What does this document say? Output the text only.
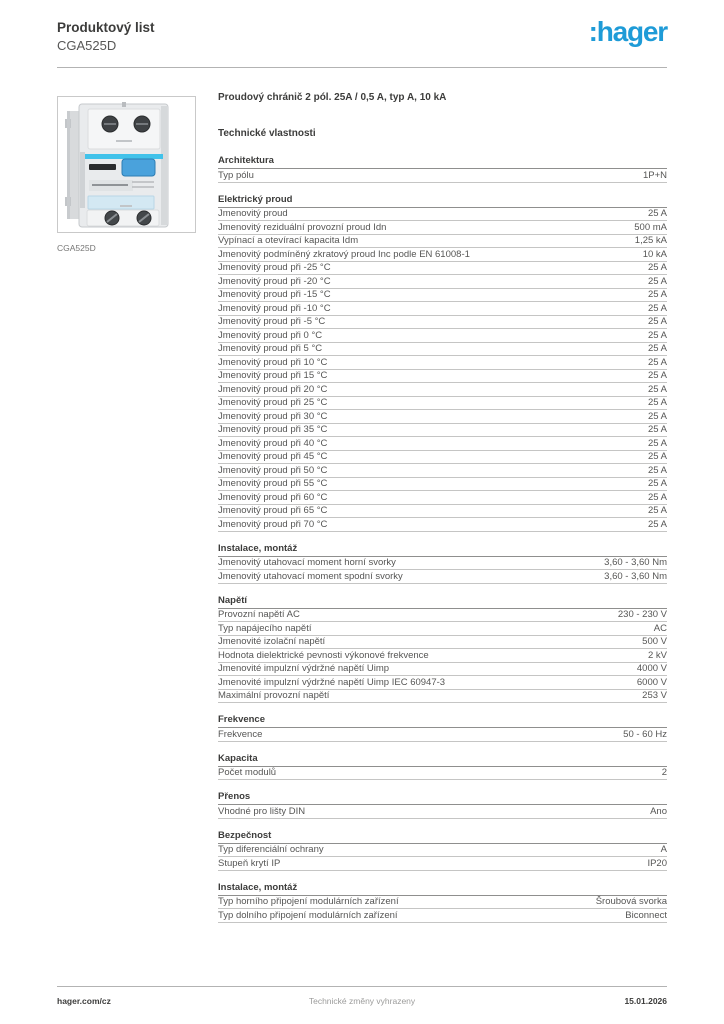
Produktový list
CGA525D	:hager
CGA525D
Proudový chránič 2 pól. 25A / 0,5 A, typ A, 10 kA
Technické vlastnosti
Architektura
Typ pólu	1P+N
Elektrický proud
Jmenovitý proud	25 A
Jmenovitý reziduální provozní proud Idn	500 mA
Vypínací a otevírací kapacita Idm	1,25 kA
Jmenovitý podmíněný zkratový proud Inc podle EN 61008-1	10 kA
Jmenovitý proud při -25 °C	25 A
Jmenovitý proud při -20 °C	25 A
Jmenovitý proud při -15 °C	25 A
Jmenovitý proud při -10 °C	25 A
Jmenovitý proud při -5 °C	25 A
Jmenovitý proud při 0 °C	25 A
Jmenovitý proud při 5 °C	25 A
Jmenovitý proud při 10 °C	25 A
Jmenovitý proud při 15 °C	25 A
Jmenovitý proud při 20 °C	25 A
Jmenovitý proud při 25 °C	25 A
Jmenovitý proud při 30 °C	25 A
Jmenovitý proud při 35 °C	25 A
Jmenovitý proud při 40 °C	25 A
Jmenovitý proud při 45 °C	25 A
Jmenovitý proud při 50 °C	25 A
Jmenovitý proud při 55 °C	25 A
Jmenovitý proud při 60 °C	25 A
Jmenovitý proud při 65 °C	25 A
Jmenovitý proud při 70 °C	25 A
Instalace, montáž
Jmenovitý utahovací moment horní svorky	3,60 - 3,60 Nm
Jmenovitý utahovací moment spodní svorky	3,60 - 3,60 Nm
Napětí
Provozní napětí AC	230 - 230 V
Typ napájecího napětí	AC
Jmenovité izolační napětí	500 V
Hodnota dielektrické pevnosti výkonové frekvence	2 kV
Jmenovité impulzní výdržné napětí Uimp	4000 V
Jmenovité impulzní výdržné napětí Uimp IEC 60947-3	6000 V
Maximální provozní napětí	253 V
Frekvence
Frekvence	50 - 60 Hz
Kapacita
Počet modulů	2
Přenos
Vhodné pro lišty DIN	Ano
Bezpečnost
Typ diferenciální ochrany	A
Stupeň krytí IP	IP20
Instalace, montáž
Typ horního připojení modulárních zařízení	Šroubová svorka
Typ dolního připojení modulárních zařízení	Biconnect
hager.com/cz	Technické změny vyhrazeny	15.01.2026
